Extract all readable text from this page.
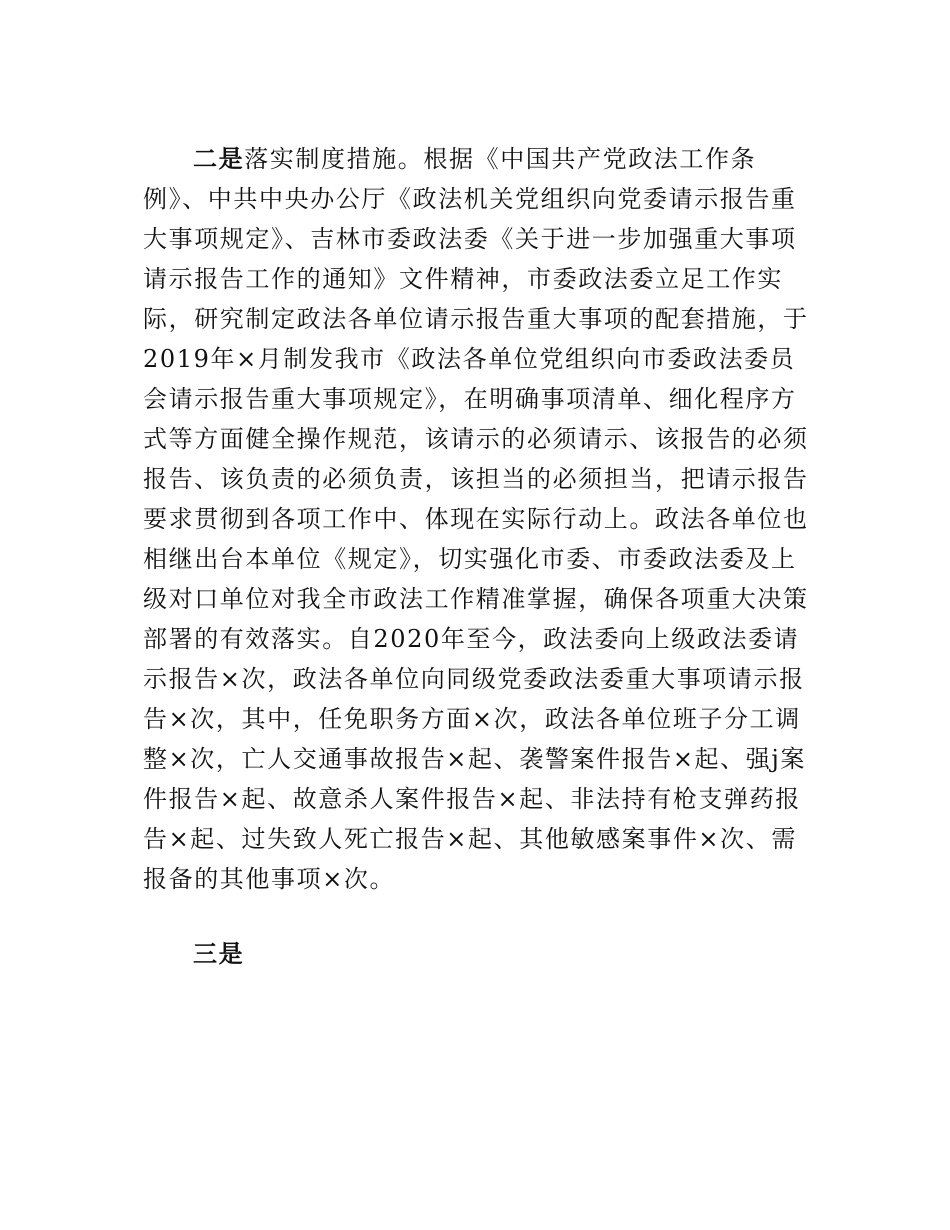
二是落实制度措施。根据《中国共产党政法工作条例》、中共中央办公厅《政法机关党组织向党委请示报告重大事项规定》、吉林市委政法委《关于进一步加强重大事项请示报告工作的通知》文件精神，市委政法委立足工作实际，研究制定政法各单位请示报告重大事项的配套措施，于2019年×月制发我市《政法各单位党组织向市委政法委员会请示报告重大事项规定》，在明确事项清单、细化程序方式等方面健全操作规范，该请示的必须请示、该报告的必须报告、该负责的必须负责，该担当的必须担当，把请示报告要求贯彻到各项工作中、体现在实际行动上。政法各单位也相继出台本单位《规定》，切实强化市委、市委政法委及上级对口单位对我全市政法工作精准掌握，确保各项重大决策部署的有效落实。自2020年至今，政法委向上级政法委请示报告×次，政法各单位向同级党委政法委重大事项请示报告×次，其中，任免职务方面×次，政法各单位班子分工调整×次，亡人交通事故报告×起、袭警案件报告×起、强j案件报告×起、故意杀人案件报告×起、非法持有枪支弹药报告×起、过失致人死亡报告×起、其他敏感案事件×次、需报备的其他事项×次。

三是
